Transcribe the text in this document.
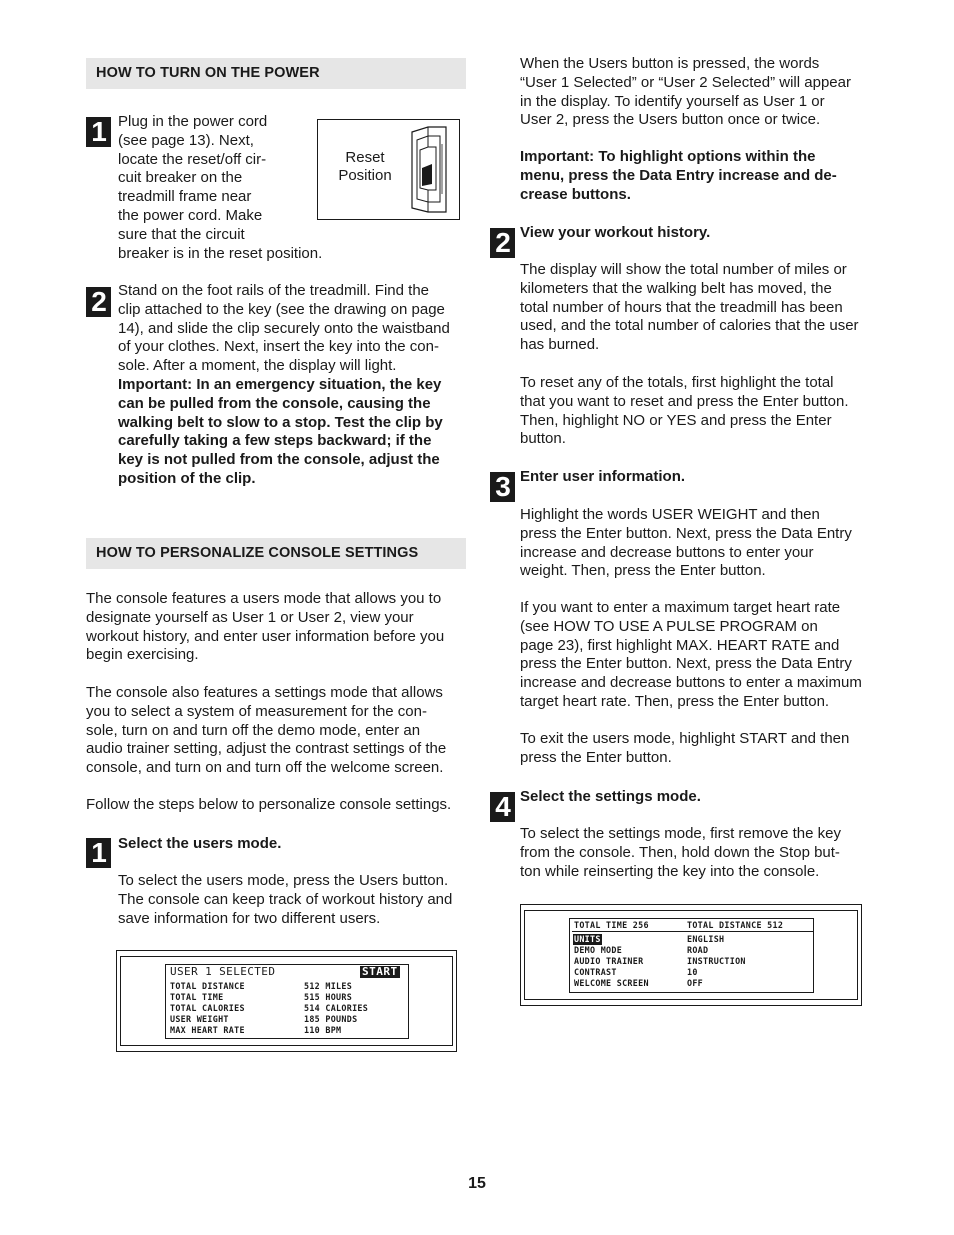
HOW TO TURN ON THE POWER
1 Plug in the power cord
(see page 13). Next,
locate the reset/off cir-
cuit breaker on the
treadmill frame near
the power cord. Make
sure that the circuit
breaker is in the reset position.
Reset
Position
2 Stand on the foot rails of the treadmill. Find the
clip attached to the key (see the drawing on page
14), and slide the clip securely onto the waistband
of your clothes. Next, insert the key into the con-
sole. After a moment, the display will light.
Important: In an emergency situation, the key
can be pulled from the console, causing the
walking belt to slow to a stop. Test the clip by
carefully taking a few steps backward; if the
key is not pulled from the console, adjust the
position of the clip.
HOW TO PERSONALIZE CONSOLE SETTINGS
The console features a users mode that allows you to
designate yourself as User 1 or User 2, view your
workout history, and enter user information before you
begin exercising.
The console also features a settings mode that allows
you to select a system of measurement for the con-
sole, turn on and turn off the demo mode, enter an
audio trainer setting, adjust the contrast settings of the
console, and turn on and turn off the welcome screen.
Follow the steps below to personalize console settings.
1 Select the users mode.
To select the users mode, press the Users button.
The console can keep track of workout history and
save information for two different users.
USER 1 SELECTED	START
TOTAL DISTANCE	512 MILES
TOTAL TIME	515 HOURS
TOTAL CALORIES	514 CALORIES
USER WEIGHT	185 POUNDS
MAX HEART RATE	110 BPM
When the Users button is pressed, the words
“User 1 Selected” or “User 2 Selected” will appear
in the display. To identify yourself as User 1 or
User 2, press the Users button once or twice.
Important: To highlight options within the
menu, press the Data Entry increase and de-
crease buttons.
2 View your workout history.
The display will show the total number of miles or
kilometers that the walking belt has moved, the
total number of hours that the treadmill has been
used, and the total number of calories that the user
has burned.
To reset any of the totals, first highlight the total
that you want to reset and press the Enter button.
Then, highlight NO or YES and press the Enter
button.
3 Enter user information.
Highlight the words USER WEIGHT and then
press the Enter button. Next, press the Data Entry
increase and decrease buttons to enter your
weight. Then, press the Enter button.
If you want to enter a maximum target heart rate
(see HOW TO USE A PULSE PROGRAM on
page 23), first highlight MAX. HEART RATE and
press the Enter button. Next, press the Data Entry
increase and decrease buttons to enter a maximum
target heart rate. Then, press the Enter button.
To exit the users mode, highlight START and then
press the Enter button.
4 Select the settings mode.
To select the settings mode, first remove the key
from the console. Then, hold down the Stop but-
ton while reinserting the key into the console.
TOTAL TIME 256	TOTAL DISTANCE 512
UNITS	ENGLISH
DEMO MODE	ROAD
AUDIO TRAINER	INSTRUCTION
CONTRAST	10
WELCOME SCREEN	OFF
15
